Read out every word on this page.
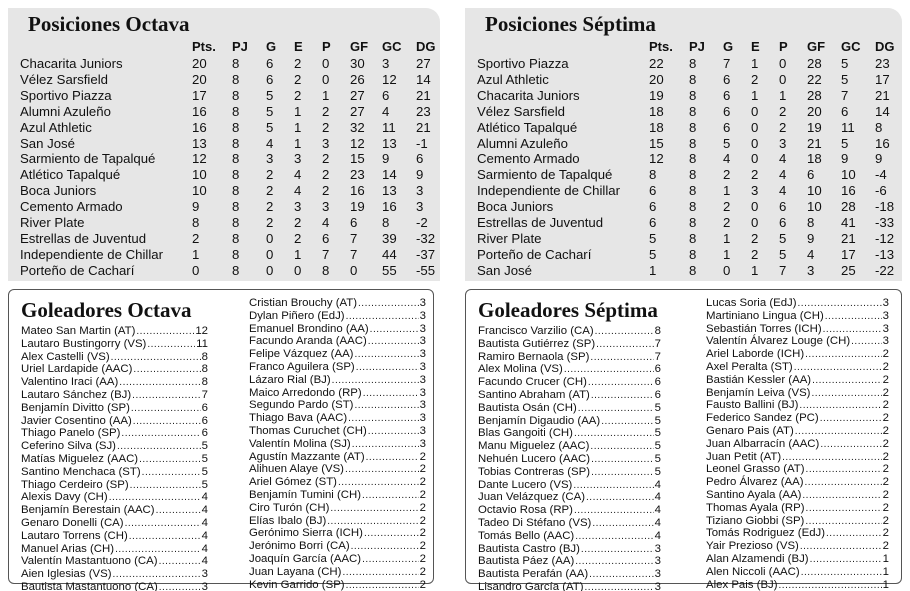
Posiciones Octava
Pts. PJ G E P GF GC DG
Chacarita Juniors	20 8 6 2 0 30 3 27
Vélez Sarsfield	20 8 6 2 0 26 12 14
Sportivo Piazza	17 8 5 2 1 27 6 21
Alumni Azuleño	16 8 5 1 2 27 4 23
Azul Athletic	16 8 5 1 2 32 11 21
San José	13 8 4 1 3 12 13 -1
Sarmiento de Tapalqué	12 8 3 3 2 15 9 6
Atlético Tapalqué	10 8 2 4 2 23 14 9
Boca Juniors	10 8 2 4 2 16 13 3
Cemento Armado	9 8 2 3 3 19 16 3
River Plate	8 8 2 2 4 6 8 -2
Estrellas de Juventud	2 8 0 2 6 7 39 -32
Independiente de Chillar 1 8 0 1 7 7 44 -37
Porteño de Cacharí	0 8 0 0 8 0 55 -55
Posiciones Séptima
Pts. PJ G E P GF GC DG
Sportivo Piazza	22 8 7 1 0 28 5 23
Azul Athletic	20 8 6 2 0 22 5 17
Chacarita Juniors	19 8 6 1 1 28 7 21
Vélez Sarsfield	18 8 6 0 2 20 6 14
Atlético Tapalqué	18 8 6 0 2 19 11 8
Alumni Azuleño	15 8 5 0 3 21 5 16
Cemento Armado	12 8 4 0 4 18 9 9
Sarmiento de Tapalqué	8 8 2 2 4 6 10 -4
Independiente de Chillar 6 8 1 3 4 10 16 -6
Boca Juniors	6 8 2 0 6 10 28 -18
Estrellas de Juventud	6 8 2 0 6 8 41 -33
River Plate	5 8 1 2 5 9 21 -12
Porteño de Cacharí	5 8 1 2 5 4 17 -13
San José	1 8 0 1 7 3 25 -22
Goleadores Octava
Mateo San Martin (AT) .....	12
Lautaro Bustingorry (VS) .....	11
Alex Castelli (VS) .....	8
Uriel Lardapide (AAC) .....	8
Valentino Iraci (AA) .....	8
Lautaro Sánchez (BJ) .....	7
Benjamín Divitto (SP) .....	6
Javier Cosentino (AA) .....	6
Thiago Panelo (SP) .....	6
Ceferino Silva (SJ) .....	5
Matías Miguelez (AAC) .....	5
Santino Menchaca (ST) .....	5
Thiago Cerdeiro (SP) .....	5
Alexis Davy (CH) .....	4
Benjamín Berestain (AAC) .....	4
Genaro Donelli (CA) .....	4
Lautaro Torrens (CH) .....	4
Manuel Arias (CH) .....	4
Valentín Mastantuono (CA) .....	4
Aien Iglesias (VS) .....	3
Bautista Mastantuono (CA) .....	3
Cristian Brouchy (AT) .....	3
Dylan Piñero (EdJ) .....	3
Emanuel Brondino (AA) .....	3
Facundo Aranda (AAC) .....	3
Felipe Vázquez (AA) .....	3
Franco Aguilera (SP) .....	3
Lázaro Rial (BJ) .....	3
Maico Arredondo (RP) .....	3
Segundo Pardo (ST) .....	3
Thiago Bava (AAC) .....	3
Thomas Curuchet (CH) .....	3
Valentín Molina (SJ) .....	3
Agustín Mazzante (AT) .....	2
Alihuen Alaye (VS) .....	2
Ariel Gómez (ST) .....	2
Benjamín Tumini (CH) .....	2
Ciro Turón (CH) .....	2
Elías Ibalo (BJ) .....	2
Gerónimo Sierra (ICH) .....	2
Jerónimo Borri (CA) .....	2
Joaquín García (AAC) .....	2
Juan Layana (CH) .....	2
Kevin Garrido (SP) .....	2
Goleadores Séptima
Francisco Varzilio (CA) .....	8
Bautista Gutiérrez (SP) .....	7
Ramiro Bernaola (SP) .....	7
Alex Molina (VS) .....	6
Facundo Crucer (CH) .....	6
Santino Abraham (AT) .....	6
Bautista Osán (CH) .....	5
Benjamín Digaudio (AA) .....	5
Blas Gangoiti (CH) .....	5
Manu Miguelez (AAC) .....	5
Nehuén Lucero (AAC) .....	5
Tobias Contreras (SP) .....	5
Dante Lucero (VS) .....	4
Juan Velázquez (CA) .....	4
Octavio Rosa (RP) .....	4
Tadeo Di Stéfano (VS) .....	4
Tomás Bello (AAC) .....	4
Bautista Castro (BJ) .....	3
Bautista Páez (AA) .....	3
Bautista Perafán (AA) .....	3
Lisandro García (AT) .....	3
Lucas Soria (EdJ) .....	3
Martiniano Lingua (CH) .....	3
Sebastián Torres (ICH) .....	3
Valentín Álvarez Louge (CH) .....	3
Ariel Laborde (ICH) .....	2
Axel Peralta (ST) .....	2
Bastián Kessler (AA) .....	2
Benjamín Leiva (VS) .....	2
Fausto Ballini (BJ) .....	2
Federico Sandez (PC) .....	2
Genaro Pais (AT) .....	2
Juan Albarracín (AAC) .....	2
Juan Petit (AT) .....	2
Leonel Grasso (AT) .....	2
Pedro Álvarez (AA) .....	2
Santino Ayala (AA) .....	2
Thomas Ayala (RP) .....	2
Tiziano Giobbi (SP) .....	2
Tomás Rodriguez (EdJ) .....	2
Yair Prezioso (VS) .....	2
Alan Alzamendi (BJ) .....	1
Alen Niccoli (AAC) .....	1
Alex Pais (BJ) .....	1
